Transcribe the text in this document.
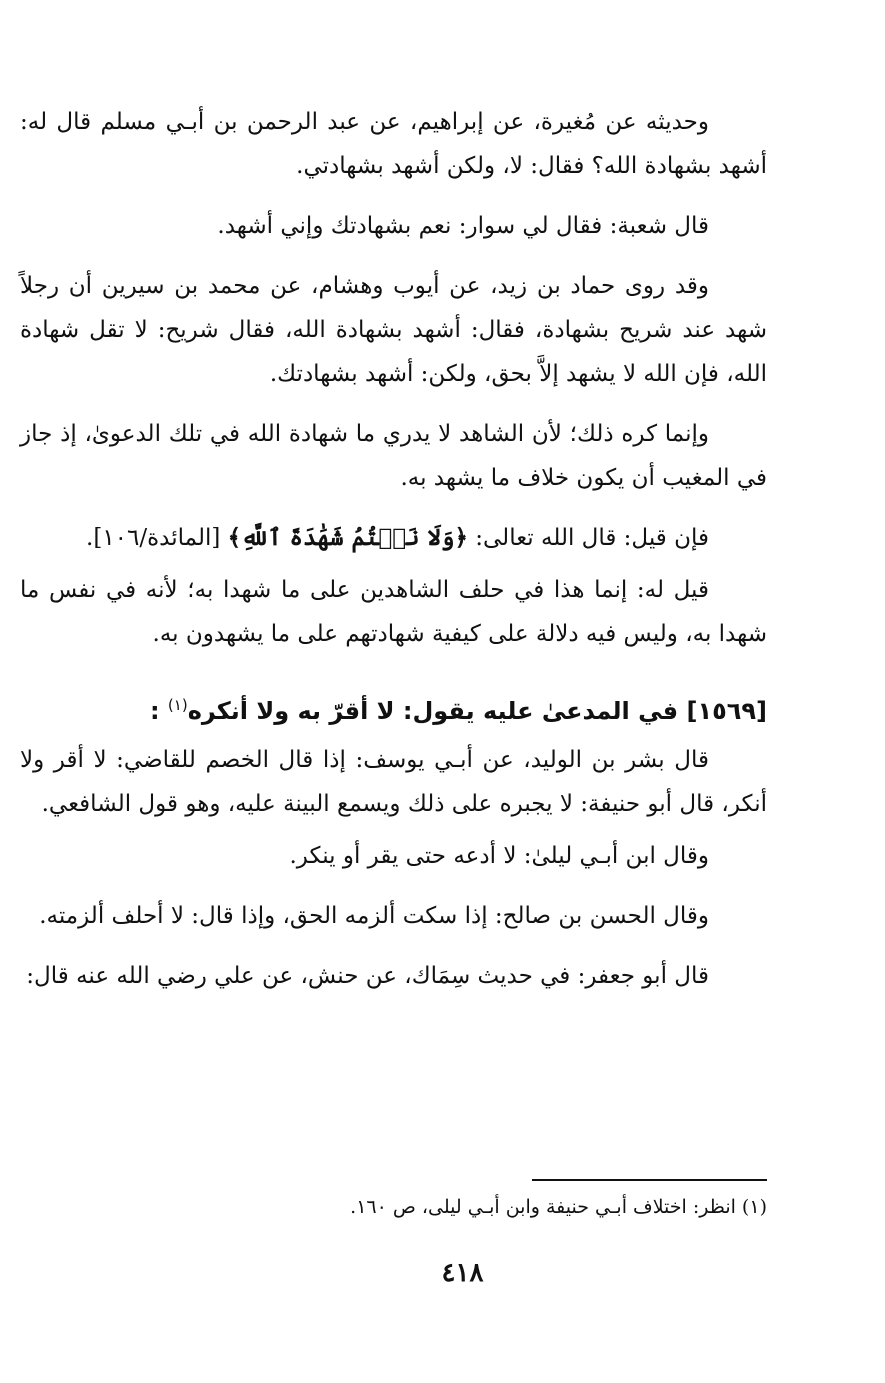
وحديثه عن مُغيرة، عن إبراهيم، عن عبد الرحمن بن أبـي مسلم قال له: أشهد بشهادة الله؟ فقال: لا، ولكن أشهد بشهادتي.

قال شعبة: فقال لي سوار: نعم بشهادتك وإني أشهد.

وقد روى حماد بن زيد، عن أيوب وهشام، عن محمد بن سيرين أن رجلاً شهد عند شريح بشهادة، فقال: أشهد بشهادة الله، فقال شريح: لا تقل شهادة الله، فإن الله لا يشهد إلاَّ بحق، ولكن: أشهد بشهادتك.

وإنما كره ذلك؛ لأن الشاهد لا يدري ما شهادة الله في تلك الدعوىٰ، إذ جاز في المغيب أن يكون خلاف ما يشهد به.

فإن قيل: قال الله تعالى: ﴿وَلَا نَكۡتُمُ شَهَٰدَةَ ٱللَّهِ﴾ [المائدة/١٠٦].

قيل له: إنما هذا في حلف الشاهدين على ما شهدا به؛ لأنه في نفس ما شهدا به، وليس فيه دلالة على كيفية شهادتهم على ما يشهدون به.

[١٥٦٩] في المدعىٰ عليه يقول: لا أقرّ به ولا أنكره$^{(١)}$ :

قال بشر بن الوليد، عن أبـي يوسف: إذا قال الخصم للقاضي: لا أقر ولا أنكر، قال أبو حنيفة: لا يجبره على ذلك ويسمع البينة عليه، وهو قول الشافعي.

وقال ابن أبـي ليلىٰ: لا أدعه حتى يقر أو ينكر.

وقال الحسن بن صالح: إذا سكت ألزمه الحق، وإذا قال: لا أحلف ألزمته.

قال أبو جعفر: في حديث سِمَاك، عن حنش، عن علي رضي الله عنه قال:

(١) انظر: اختلاف أبـي حنيفة وابن أبـي ليلى، ص ١٦٠.
٤١٨
